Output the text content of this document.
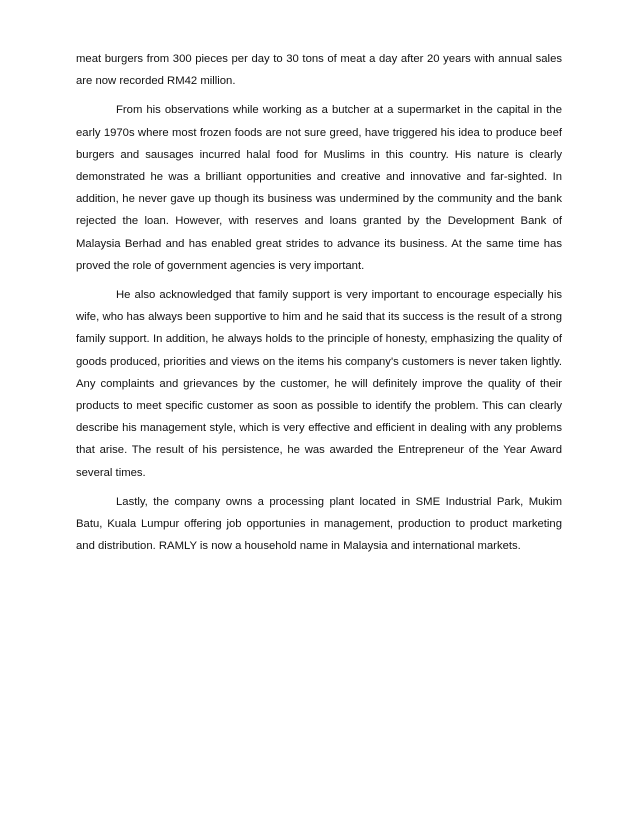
meat burgers from 300 pieces per day to 30 tons of meat a day after 20 years with annual sales are now recorded RM42 million.

From his observations while working as a butcher at a supermarket in the capital in the early 1970s where most frozen foods are not sure greed, have triggered his idea to produce beef burgers and sausages incurred halal food for Muslims in this country. His nature is clearly demonstrated he was a brilliant opportunities and creative and innovative and far-sighted. In addition, he never gave up though its business was undermined by the community and the bank rejected the loan. However, with reserves and loans granted by the Development Bank of Malaysia Berhad and has enabled great strides to advance its business. At the same time has proved the role of government agencies is very important.

He also acknowledged that family support is very important to encourage especially his wife, who has always been supportive to him and he said that its success is the result of a strong family support. In addition, he always holds to the principle of honesty, emphasizing the quality of goods produced, priorities and views on the items his company's customers is never taken lightly. Any complaints and grievances by the customer, he will definitely improve the quality of their products to meet specific customer as soon as possible to identify the problem. This can clearly describe his management style, which is very effective and efficient in dealing with any problems that arise. The result of his persistence, he was awarded the Entrepreneur of the Year Award several times.

Lastly, the company owns a processing plant located in SME Industrial Park, Mukim Batu, Kuala Lumpur offering job opportunies in management, production to product marketing and distribution. RAMLY is now a household name in Malaysia and international markets.
